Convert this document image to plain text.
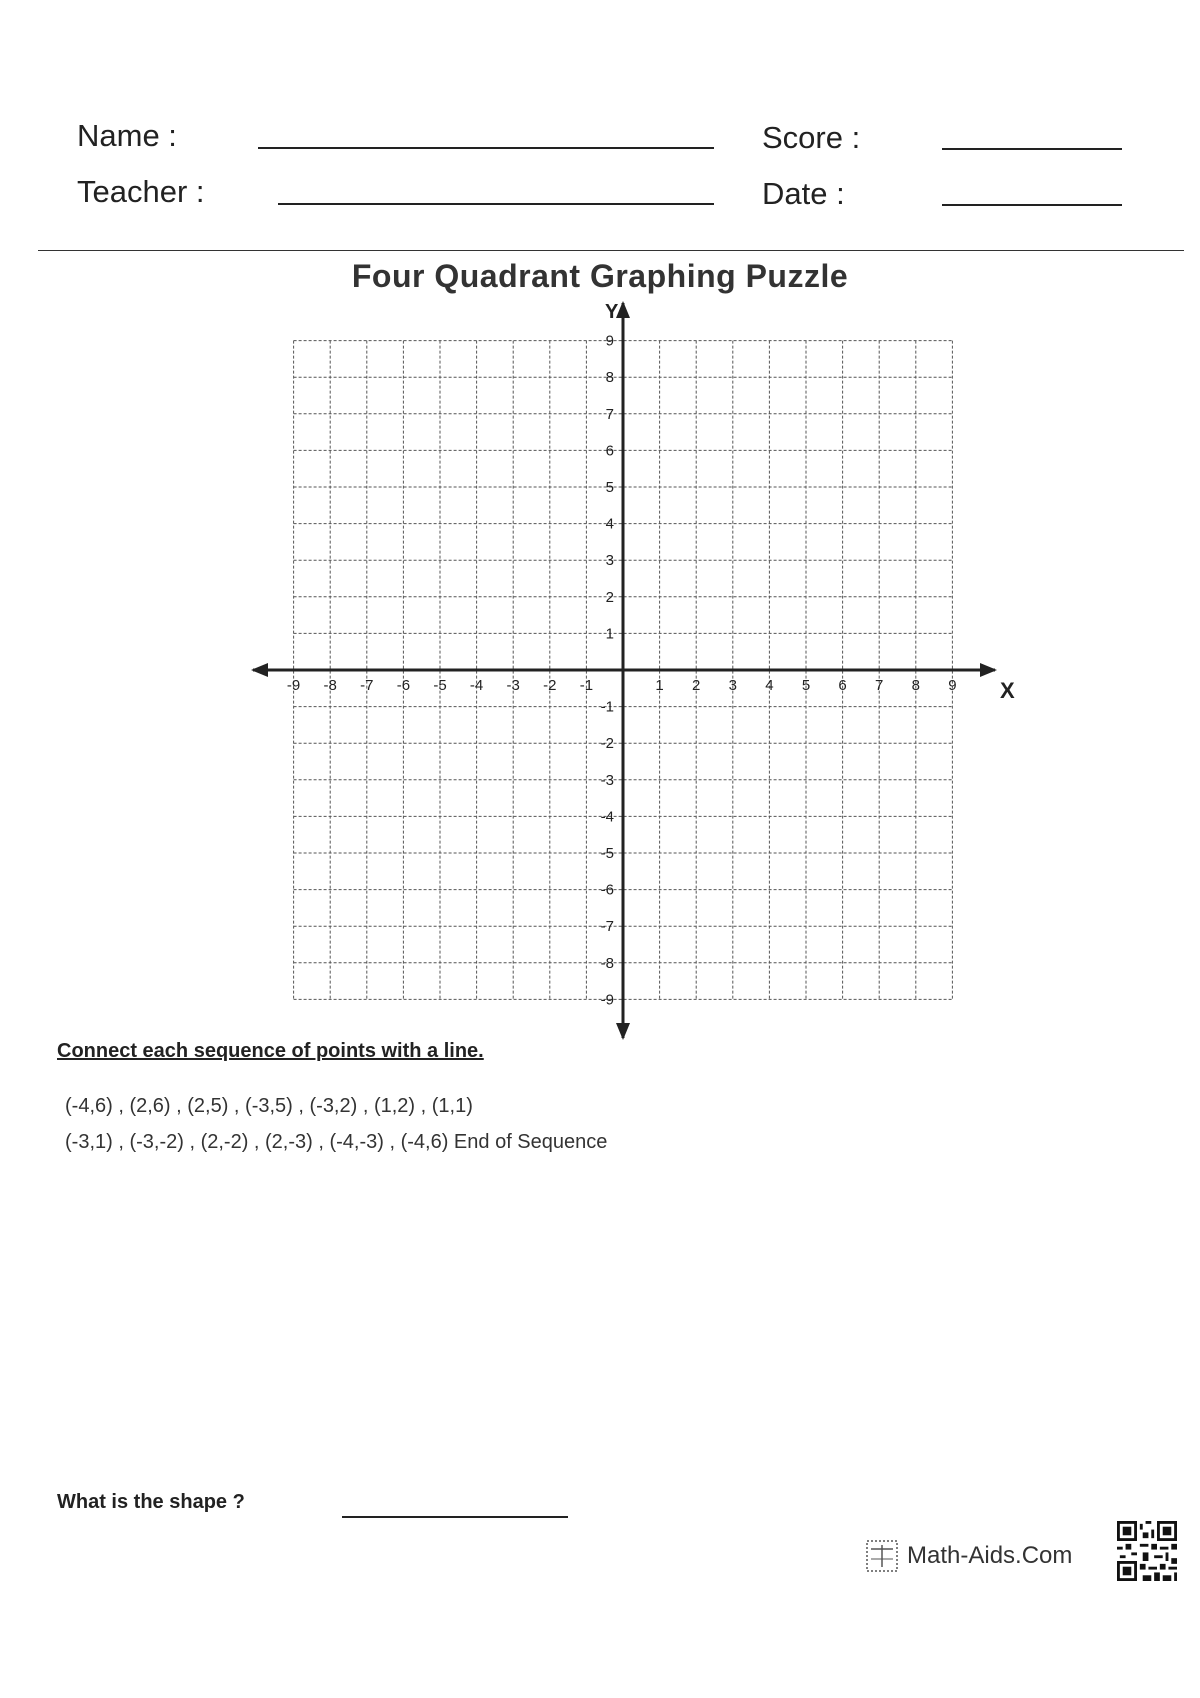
Name :
Teacher :
Score :
Date :
Four Quadrant Graphing Puzzle
X
Y
-9 -8 -7 -6 -5 -4 -3 -2 -1	1 2 3 4 5 6 7 8 9
9
8
7
6
5
4
3
2
1
-1
-2
-3
-4
-5
-6
-7
-8
-9
Connect each sequence of points with a line.
(-4,6) , (2,6) , (2,5) , (-3,5) , (-3,2) , (1,2) , (1,1)
(-3,1) , (-3,-2) , (2,-2) , (2,-3) , (-4,-3) , (-4,6) End of Sequence
What is the shape ?
Math-Aids.Com
